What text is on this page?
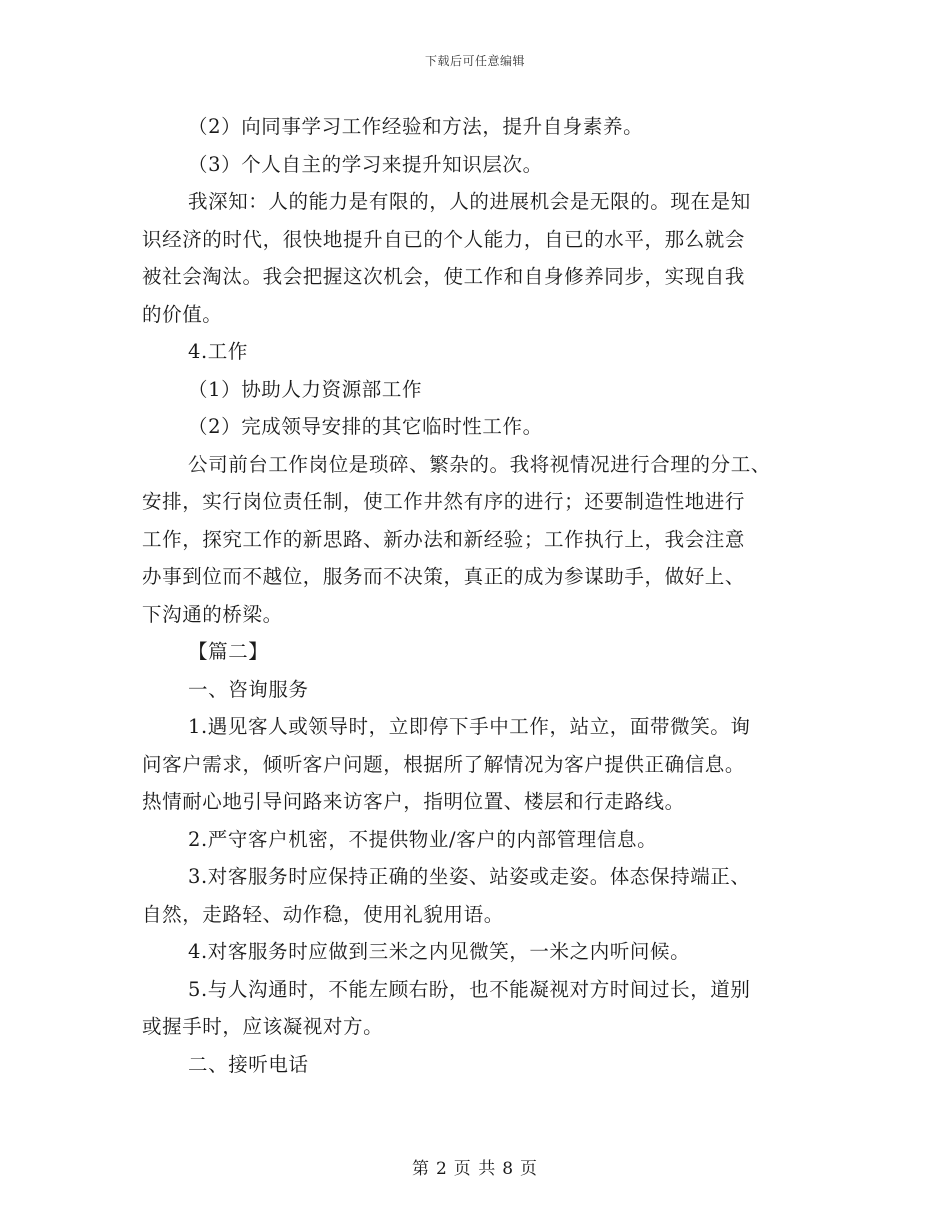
下载后可任意编辑
（2）向同事学习工作经验和方法，提升自身素养。
（3）个人自主的学习来提升知识层次。
我深知：人的能力是有限的，人的进展机会是无限的。现在是知
识经济的时代，很快地提升自已的个人能力，自已的水平，那么就会
被社会淘汰。我会把握这次机会，使工作和自身修养同步，实现自我
的价值。
4.工作
（1）协助人力资源部工作
（2）完成领导安排的其它临时性工作。
公司前台工作岗位是琐碎、繁杂的。我将视情况进行合理的分工、
安排，实行岗位责任制，使工作井然有序的进行；还要制造性地进行
工作，探究工作的新思路、新办法和新经验；工作执行上，我会注意
办事到位而不越位，服务而不决策，真正的成为参谋助手，做好上、
下沟通的桥梁。
【篇二】
一、咨询服务
1.遇见客人或领导时，立即停下手中工作，站立，面带微笑。询
问客户需求，倾听客户问题，根据所了解情况为客户提供正确信息。
热情耐心地引导问路来访客户，指明位置、楼层和行走路线。
2.严守客户机密，不提供物业/客户的内部管理信息。
3.对客服务时应保持正确的坐姿、站姿或走姿。体态保持端正、
自然，走路轻、动作稳，使用礼貌用语。
4.对客服务时应做到三米之内见微笑，一米之内听问候。
5.与人沟通时，不能左顾右盼，也不能凝视对方时间过长，道别
或握手时，应该凝视对方。
二、接听电话
第 2 页 共 8 页
